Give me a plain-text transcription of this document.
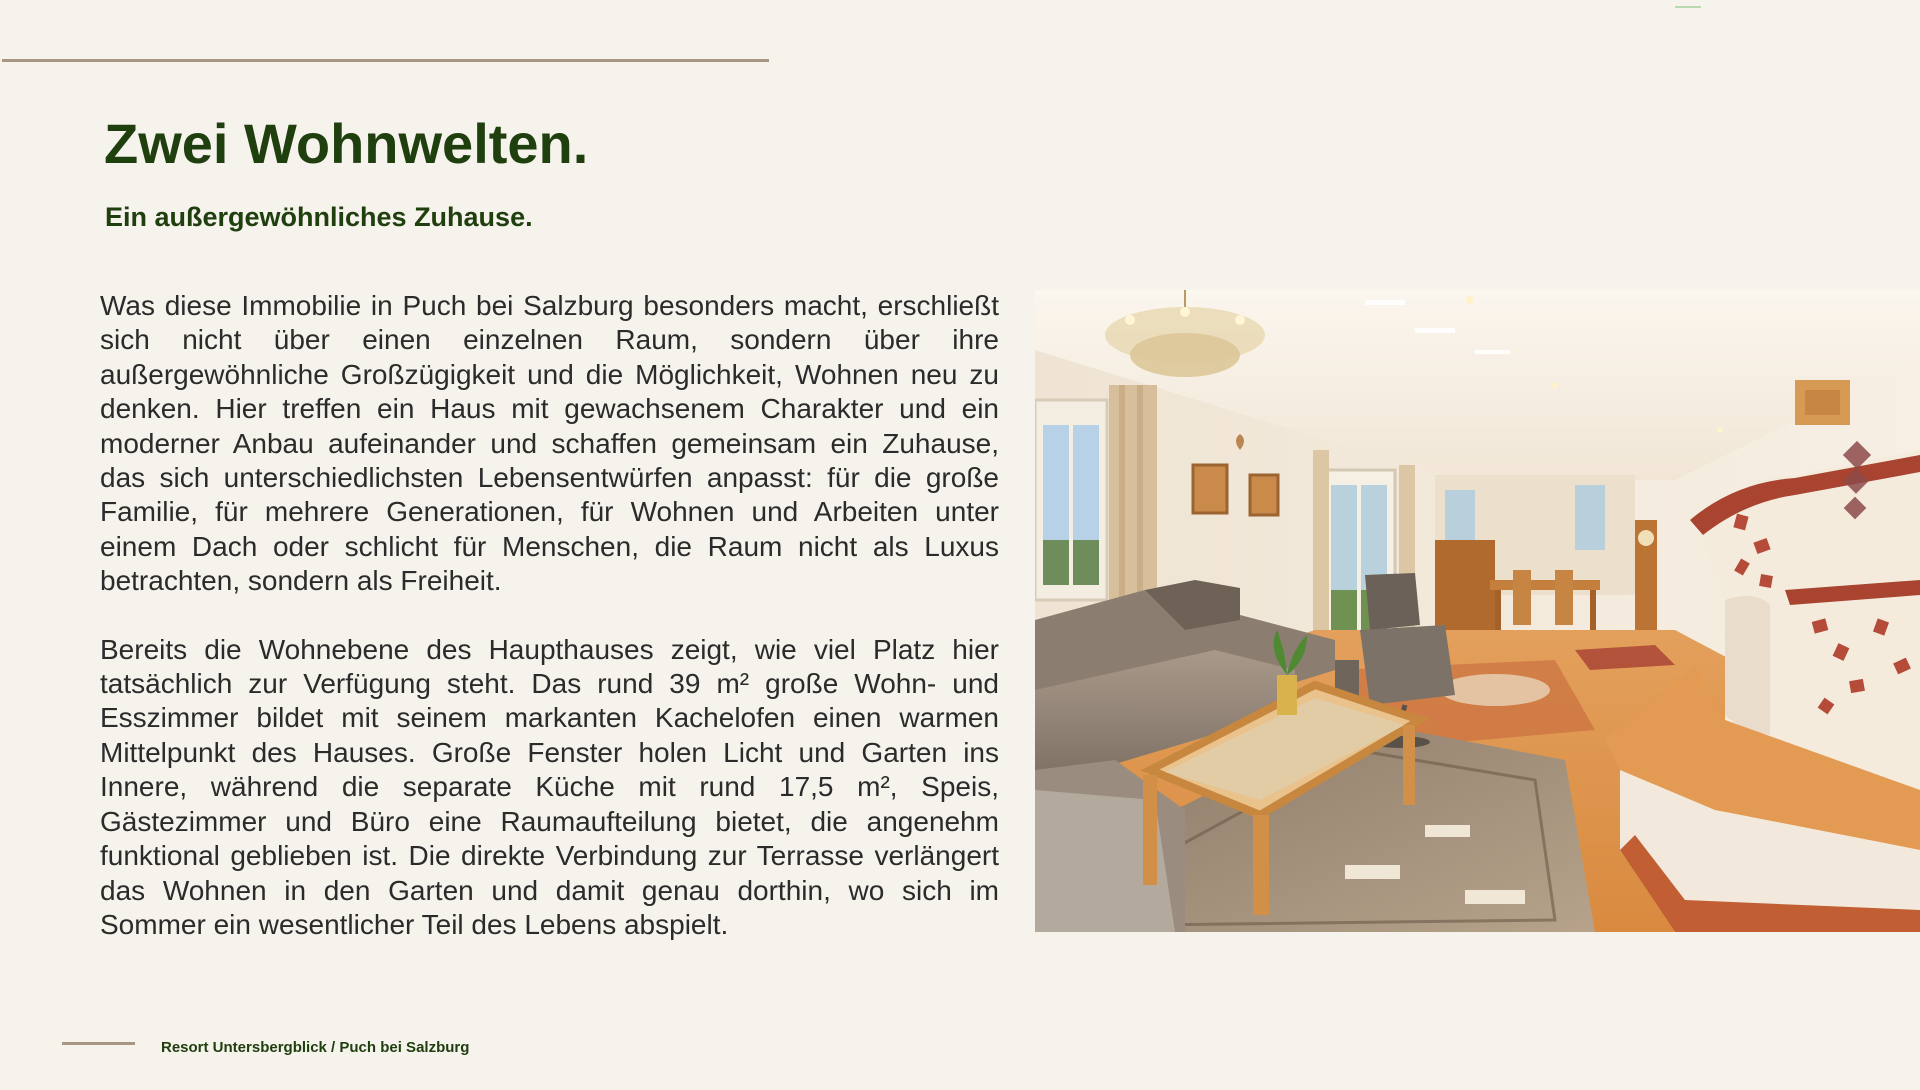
Zwei Wohnwelten.
Ein außergewöhnliches Zuhause.

Was diese Immobilie in Puch bei Salzburg besonders macht, erschließt sich nicht über einen einzelnen Raum, sondern über ihre außergewöhnliche Großzügigkeit und die Möglichkeit, Wohnen neu zu denken. Hier treffen ein Haus mit gewachsenem Charakter und ein moderner Anbau aufeinander und schaffen gemeinsam ein Zuhause, das sich unterschiedlichsten Lebensentwürfen anpasst: für die große Familie, für mehrere Generationen, für Wohnen und Arbeiten unter einem Dach oder schlicht für Menschen, die Raum nicht als Luxus betrachten, sondern als Freiheit.

Bereits die Wohnebene des Haupthauses zeigt, wie viel Platz hier tatsächlich zur Verfügung steht. Das rund 39 m² große Wohn- und Esszimmer bildet mit seinem markanten Kachelofen einen warmen Mittelpunkt des Hauses. Große Fenster holen Licht und Garten ins Innere, während die separate Küche mit rund 17,5 m², Speis, Gästezimmer und Büro eine Raumaufteilung bietet, die angenehm funktional geblieben ist. Die direkte Verbindung zur Terrasse verlängert das Wohnen in den Garten und damit genau dorthin, wo sich im Sommer ein wesentlicher Teil des Lebens abspielt.

Resort Untersbergblick / Puch bei Salzburg
